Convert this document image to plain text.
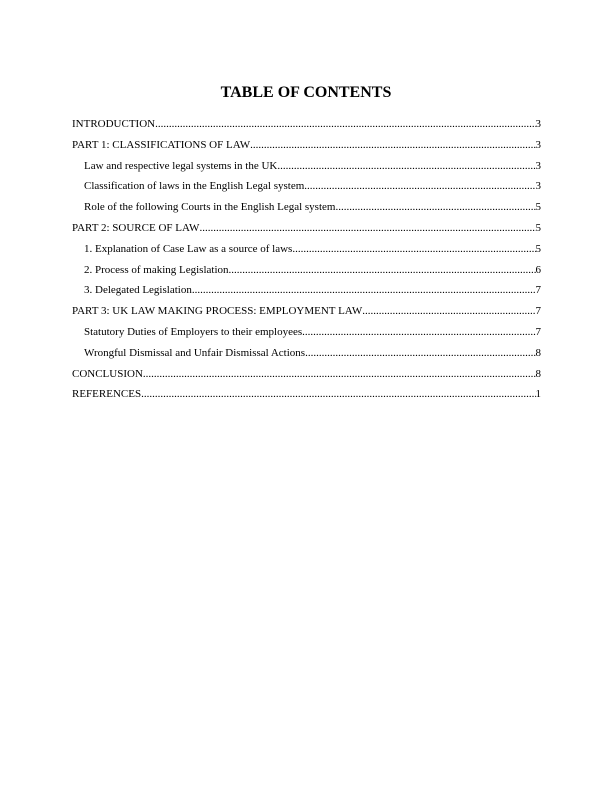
TABLE OF CONTENTS
INTRODUCTION .....	3
PART 1: CLASSIFICATIONS OF LAW .....	3
Law and respective legal systems in the UK .....	3
Classification of laws in the English Legal system .....	3
Role of the following Courts in the English Legal system .....	5
PART 2: SOURCE OF LAW .....	5
1. Explanation of Case Law as a source of laws .....	5
2. Process of making Legislation .....	6
3. Delegated Legislation .....	7
PART 3: UK LAW MAKING PROCESS: EMPLOYMENT LAW .....	7
Statutory Duties of Employers to their employees .....	7
Wrongful Dismissal and Unfair Dismissal Actions .....	8
CONCLUSION .....	8
REFERENCES .....	1
